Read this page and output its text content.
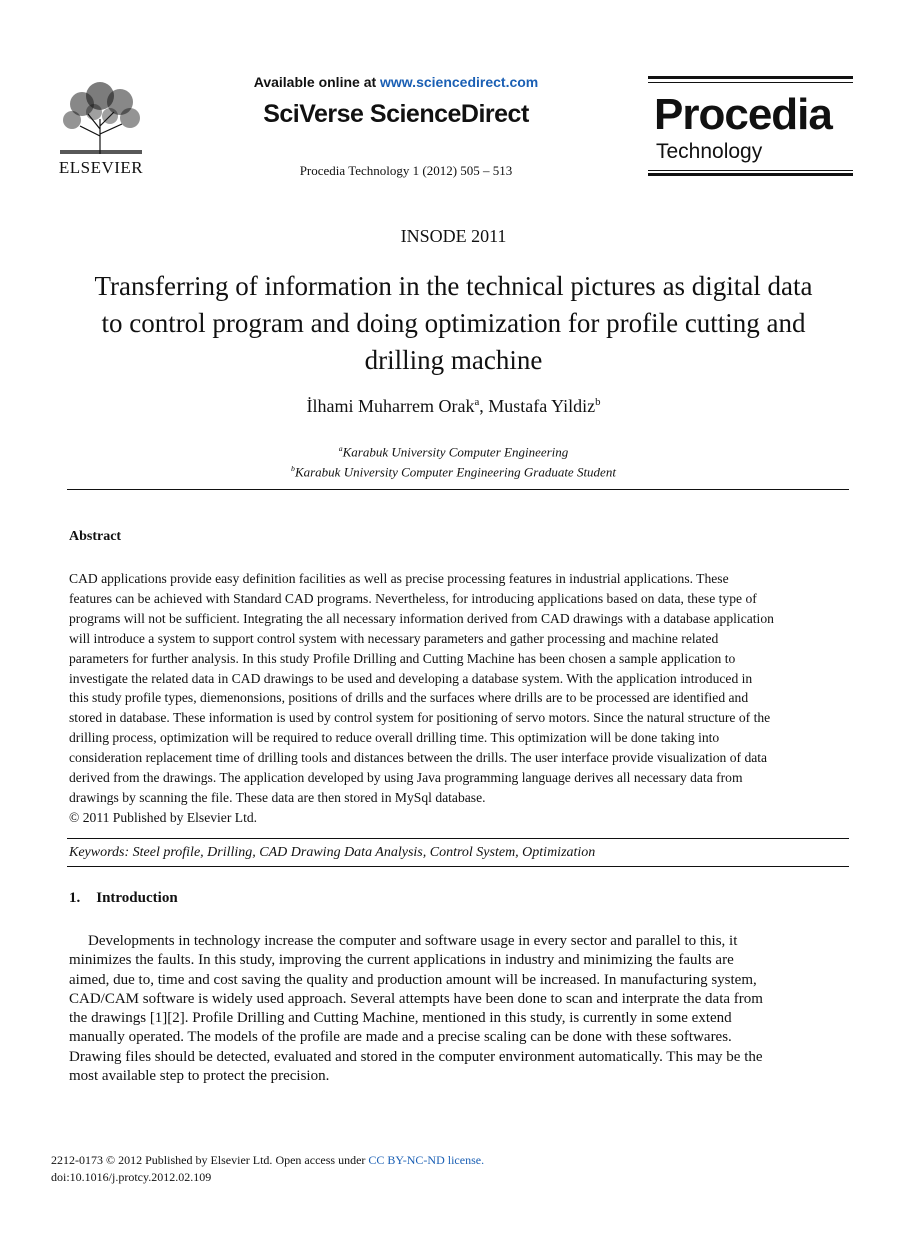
ELSEVIER
Available online at www.sciencedirect.com
SciVerse ScienceDirect
Procedia Technology 1 (2012) 505 – 513
Procedia
Technology
INSODE 2011
Transferring of information in the technical pictures as digital data
to control program and doing optimization for profile cutting and
drilling machine
İlhami Muharrem Orak$^a$, Mustafa Yildiz$^b$
$^a$Karabuk University Computer Engineering
$^b$Karabuk University Computer Engineering Graduate Student
Abstract
CAD applications provide easy definition facilities as well as precise processing features in industrial applications. These
features can be achieved with Standard CAD programs. Nevertheless, for introducing applications based on data, these type of
programs will not be sufficient. Integrating the all necessary information derived from CAD drawings with a database application
will introduce a system to support control system with necessary parameters and gather processing and machine related
parameters for further analysis. In this study Profile Drilling and Cutting Machine has been chosen a sample application to
investigate the related data in CAD drawings to be used and developing a database system. With the application introduced in
this study profile types, diemenonsions, positions of drills and the surfaces where drills are to be processed are identified and
stored in database. These information is used by control system for positioning of servo motors. Since the natural structure of the
drilling process, optimization will be required to reduce overall drilling time. This optimization will be done taking into
consideration replacement time of drilling tools and distances between the drills. The user interface provide visualization of data
derived from the drawings. The application developed by using Java programming language derives all necessary data from
drawings by scanning the file. These data are then stored in MySql database.
© 2011 Published by Elsevier Ltd.
Keywords: Steel profile, Drilling, CAD Drawing Data Analysis, Control System, Optimization
1. Introduction
Developments in technology increase the computer and software usage in every sector and parallel to this, it
minimizes the faults. In this study, improving the current applications in industry and minimizing the faults are
aimed, due to, time and cost saving the quality and production amount will be increased. In manufacturing system,
CAD/CAM software is widely used approach. Several attempts have been done to scan and interprate the data from
the drawings [1][2]. Profile Drilling and Cutting Machine, mentioned in this study, is currently in some extend
manually operated. The models of the profile are made and a precise scaling can be done with these softwares.
Drawing files should be detected, evaluated and stored in the computer environment automatically. This may be the
most available step to protect the precision.
2212-0173 © 2012 Published by Elsevier Ltd. Open access under CC BY-NC-ND license.
doi:10.1016/j.protcy.2012.02.109
